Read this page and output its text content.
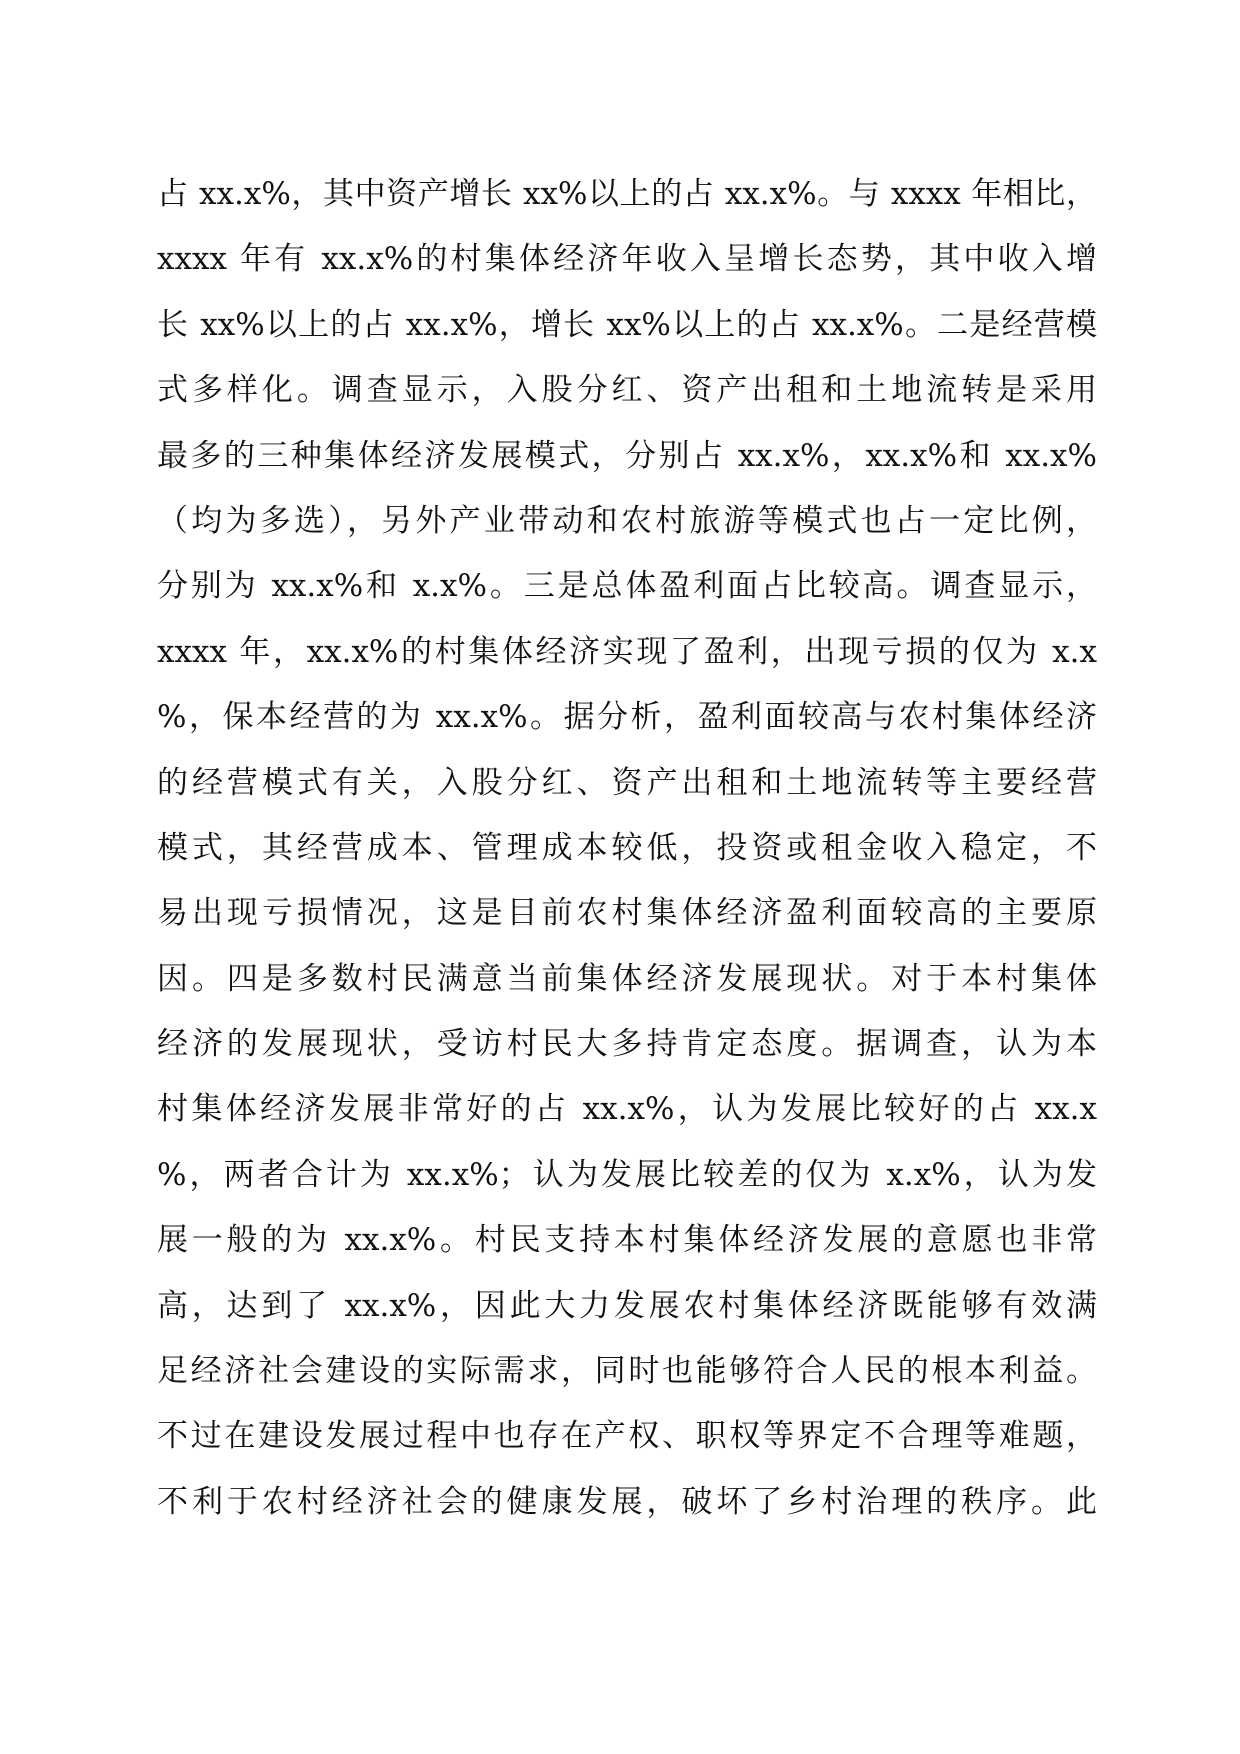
占 xx.x%，其中资产增长 xx%以上的占 xx.x%。与 xxxx 年相比，
xxxx 年有 xx.x%的村集体经济年收入呈增长态势，其中收入增
长 xx%以上的占 xx.x%，增长 xx%以上的占 xx.x%。二是经营模
式多样化。调查显示，入股分红、资产出租和土地流转是采用
最多的三种集体经济发展模式，分别占 xx.x%，xx.x%和 xx.x%
（均为多选），另外产业带动和农村旅游等模式也占一定比例，
分别为 xx.x%和 x.x%。三是总体盈利面占比较高。调查显示，
xxxx 年，xx.x%的村集体经济实现了盈利，出现亏损的仅为 x.x
%，保本经营的为 xx.x%。据分析，盈利面较高与农村集体经济
的经营模式有关，入股分红、资产出租和土地流转等主要经营
模式，其经营成本、管理成本较低，投资或租金收入稳定，不
易出现亏损情况，这是目前农村集体经济盈利面较高的主要原
因。四是多数村民满意当前集体经济发展现状。对于本村集体
经济的发展现状，受访村民大多持肯定态度。据调查，认为本
村集体经济发展非常好的占 xx.x%，认为发展比较好的占 xx.x
%，两者合计为 xx.x%；认为发展比较差的仅为 x.x%，认为发
展一般的为 xx.x%。村民支持本村集体经济发展的意愿也非常
高，达到了 xx.x%，因此大力发展农村集体经济既能够有效满
足经济社会建设的实际需求，同时也能够符合人民的根本利益。
不过在建设发展过程中也存在产权、职权等界定不合理等难题，
不利于农村经济社会的健康发展，破坏了乡村治理的秩序。此
